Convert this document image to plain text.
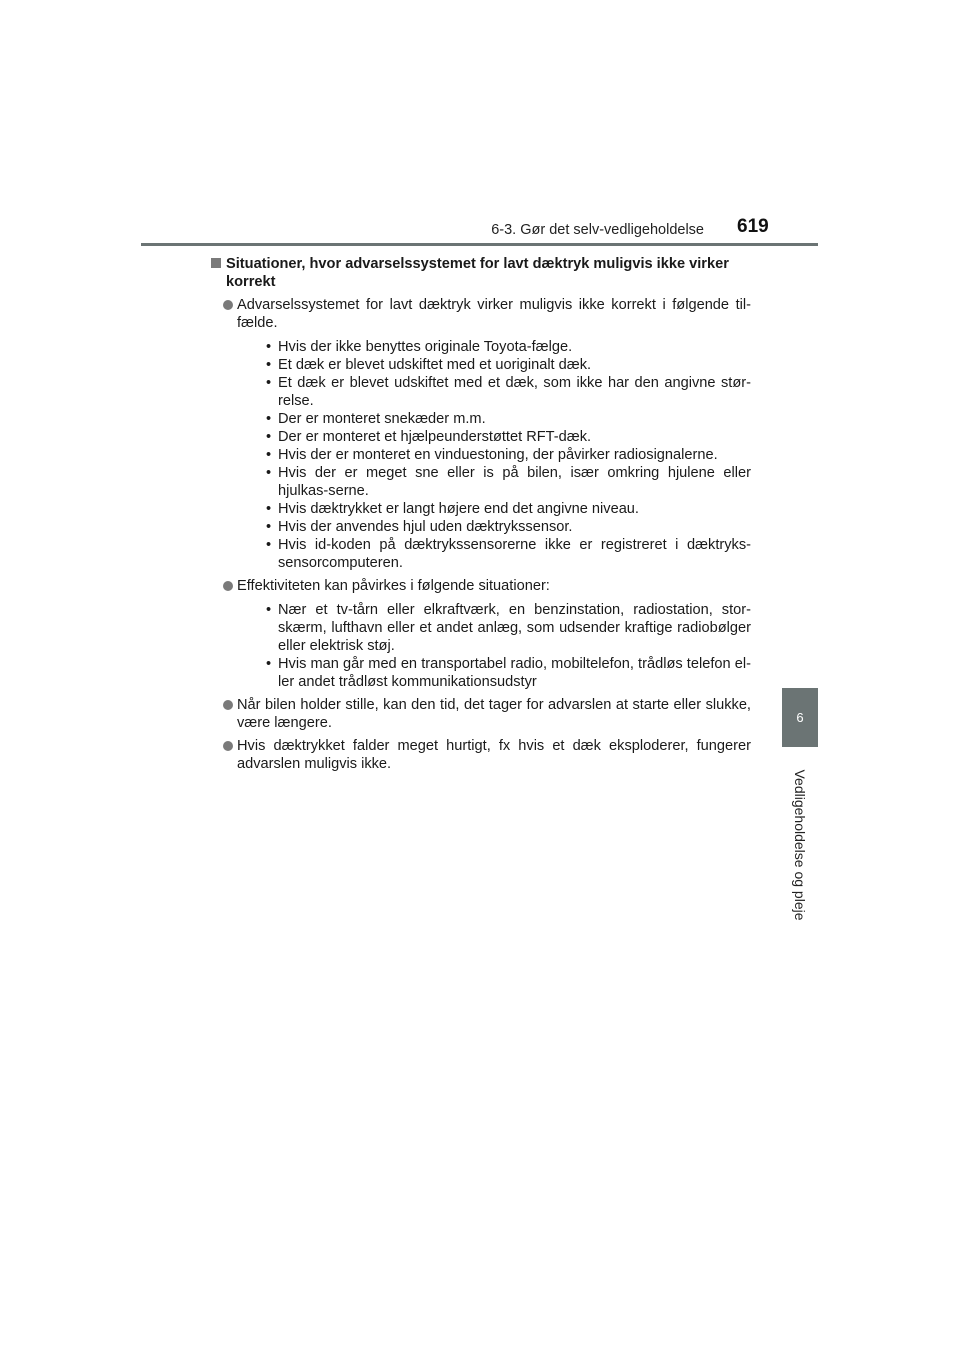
6-3. Gør det selv-vedligeholdelse 619
6
Vedligeholdelse og pleje
Situationer, hvor advarselssystemet for lavt dæktryk muligvis ikke virker korrekt
Advarselssystemet for lavt dæktryk virker muligvis ikke korrekt i følgende til-fælde.
• Hvis der ikke benyttes originale Toyota-fælge.
• Et dæk er blevet udskiftet med et uoriginalt dæk.
• Et dæk er blevet udskiftet med et dæk, som ikke har den angivne stør-relse.
• Der er monteret snekæder m.m.
• Der er monteret et hjælpeunderstøttet RFT-dæk.
• Hvis der er monteret en vinduestoning, der påvirker radiosignalerne.
• Hvis der er meget sne eller is på bilen, især omkring hjulene eller hjulkas-serne.
• Hvis dæktrykket er langt højere end det angivne niveau.
• Hvis der anvendes hjul uden dæktrykssensor.
• Hvis id-koden på dæktrykssensorerne ikke er registreret i dæktryks-sensorcomputeren.
Effektiviteten kan påvirkes i følgende situationer:
• Nær et tv-tårn eller elkraftværk, en benzinstation, radiostation, stor-skærm, lufthavn eller et andet anlæg, som udsender kraftige radiobølger eller elektrisk støj.
• Hvis man går med en transportabel radio, mobiltelefon, trådløs telefon el-ler andet trådløst kommunikationsudstyr
Når bilen holder stille, kan den tid, det tager for advarslen at starte eller slukke, være længere.
Hvis dæktrykket falder meget hurtigt, fx hvis et dæk eksploderer, fungerer advarslen muligvis ikke.
